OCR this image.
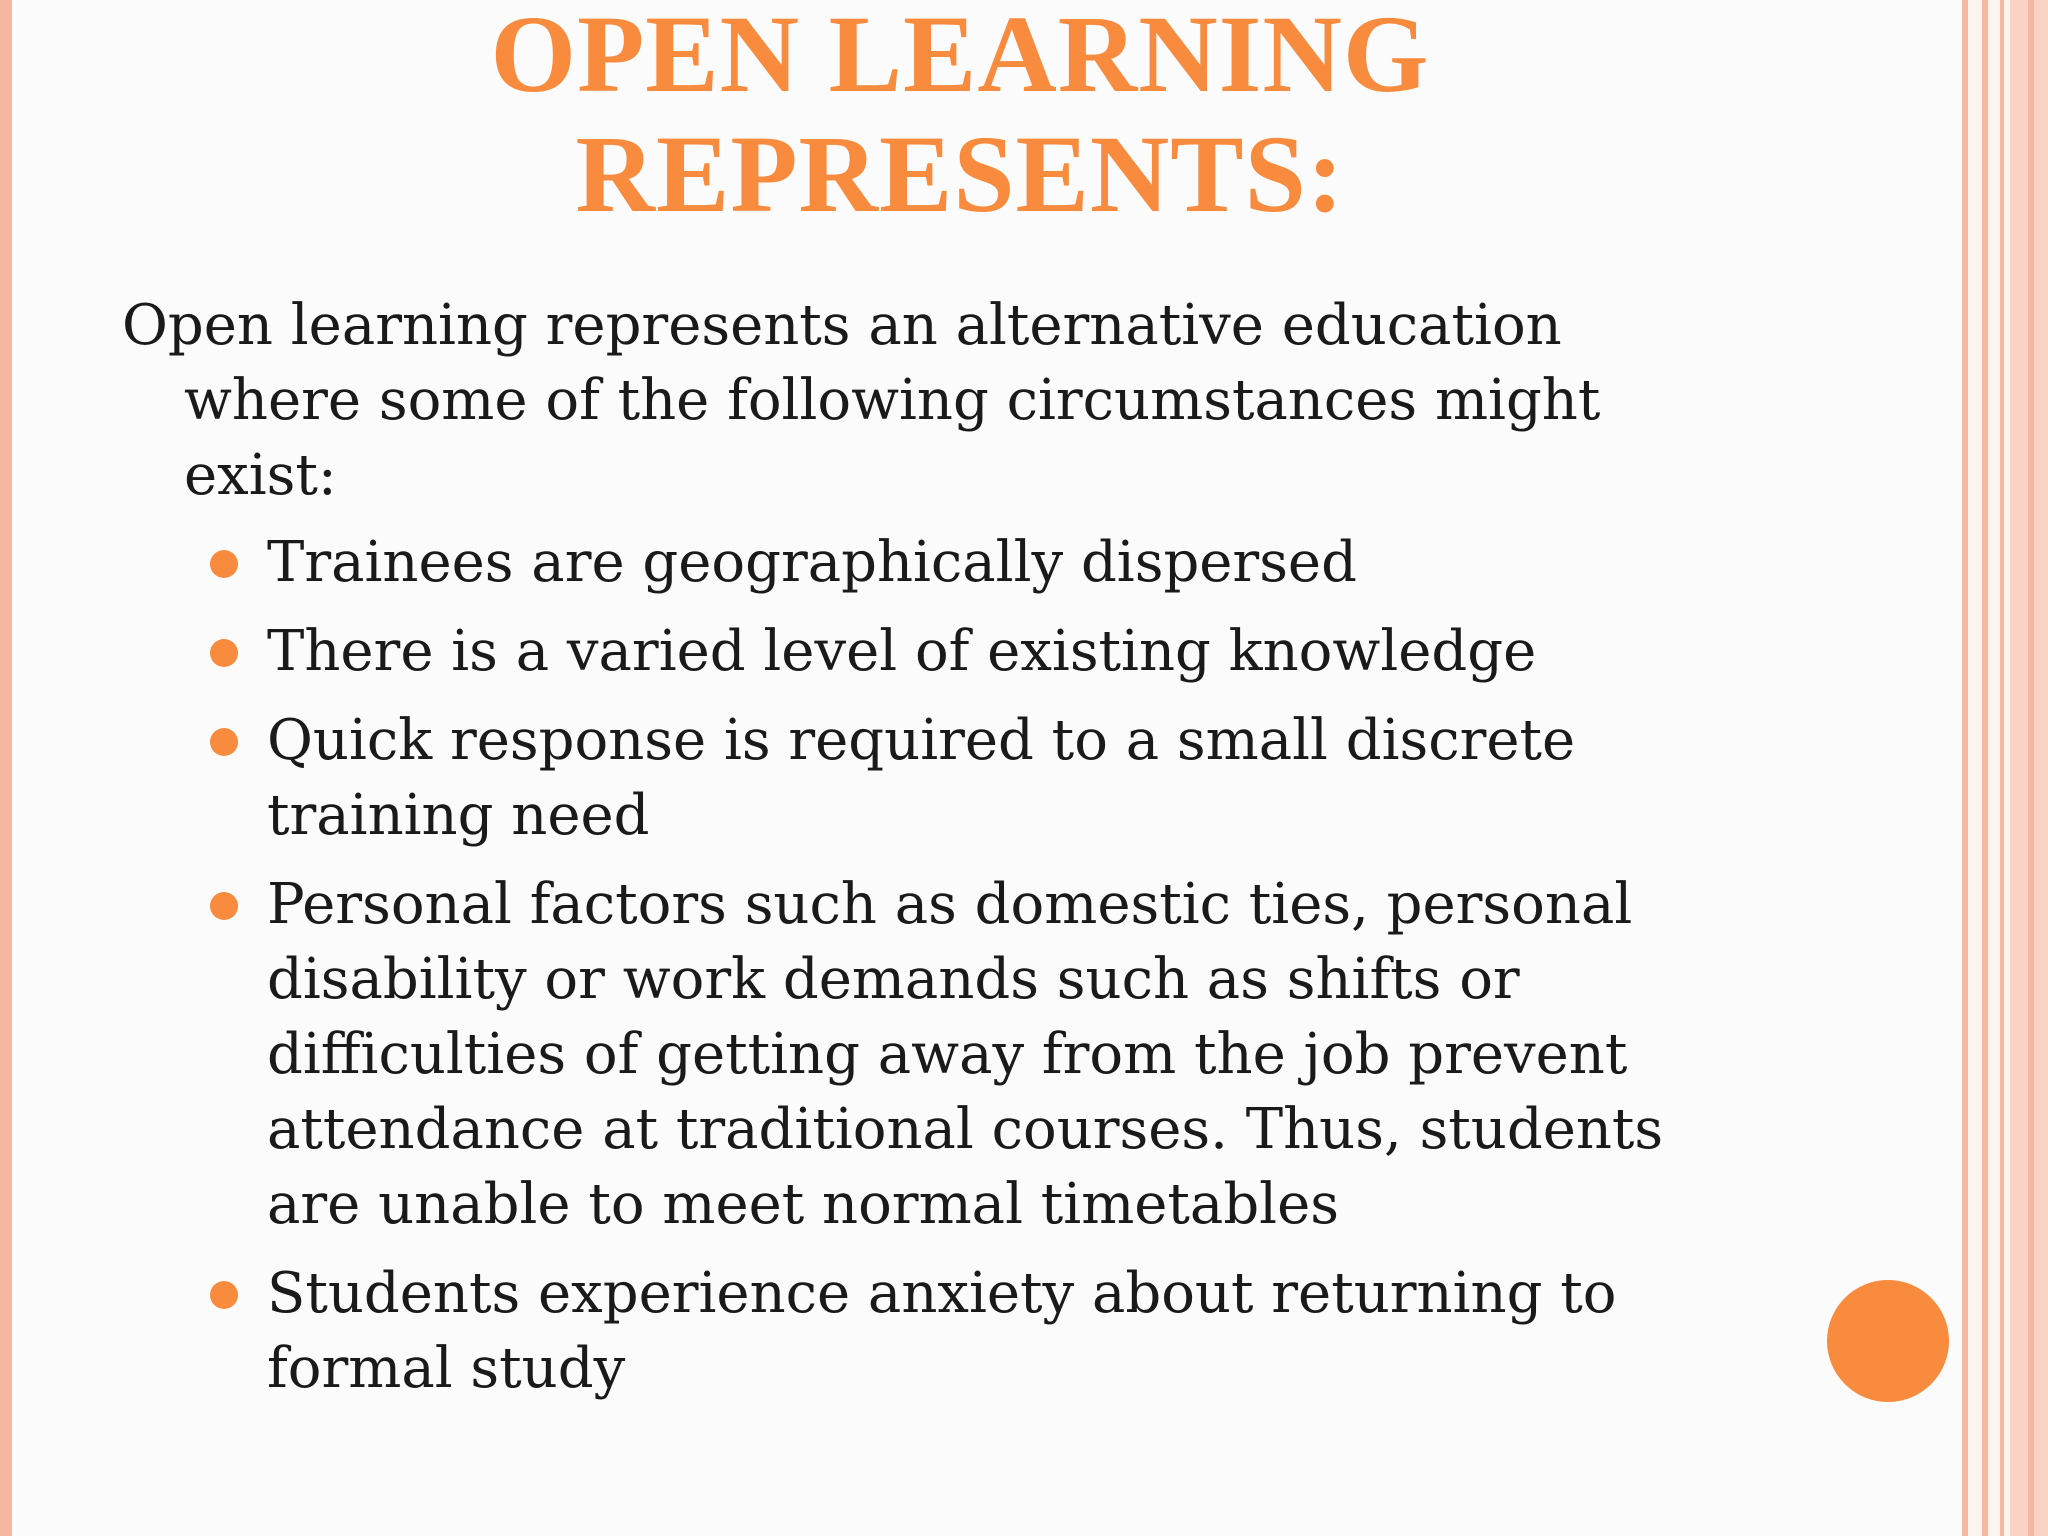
OPEN LEARNING
REPRESENTS:

Open learning represents an alternative education where some of the following circumstances might exist:

Trainees are geographically dispersed
There is a varied level of existing knowledge
Quick response is required to a small discrete training need
Personal factors such as domestic ties, personal disability or work demands such as shifts or difficulties of getting away from the job prevent attendance at traditional courses. Thus, students are unable to meet normal timetables
Students experience anxiety about returning to formal study
